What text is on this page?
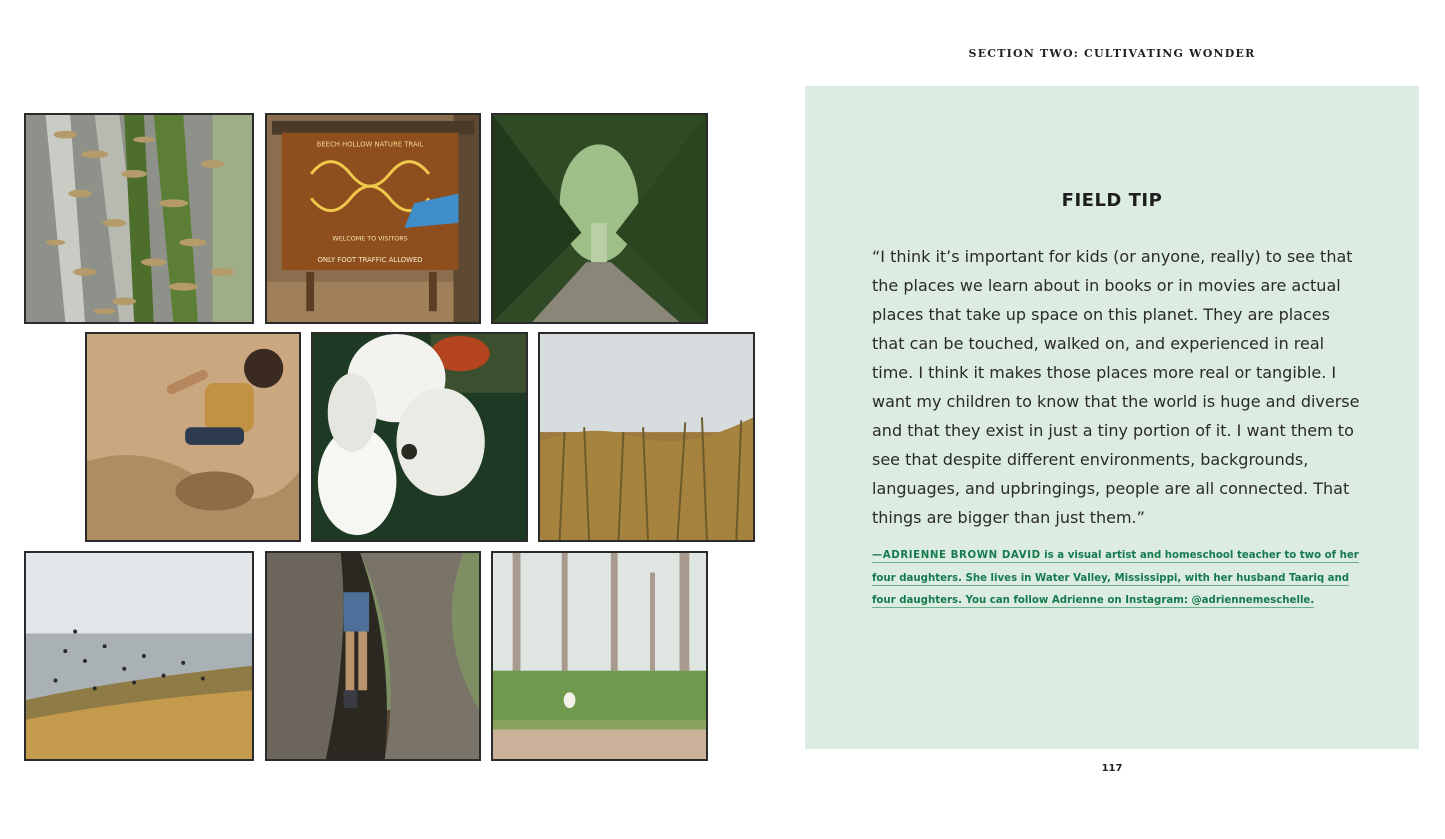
BEECH HOLLOW NATURE TRAIL
WELCOME TO VISITORS
ONLY FOOT TRAFFIC ALLOWED
SECTION TWO: CULTIVATING WONDER
FIELD TIP

“I think it’s important for kids (or anyone, really) to see that the places we learn about in books or in movies are actual places that take up space on this planet. They are places that can be touched, walked on, and experienced in real time. I think it makes those places more real or tangible. I want my children to know that the world is huge and diverse and that they exist in just a tiny portion of it. I want them to see that despite different environments, backgrounds, languages, and upbringings, people are all connected. That things are bigger than just them.”

—ADRIENNE BROWN DAVID is a visual artist and homeschool teacher to two of her four daughters. She lives in Water Valley, Mississippi, with her husband Taariq and four daughters. You can follow Adrienne on Instagram: @adriennemeschelle.
117
